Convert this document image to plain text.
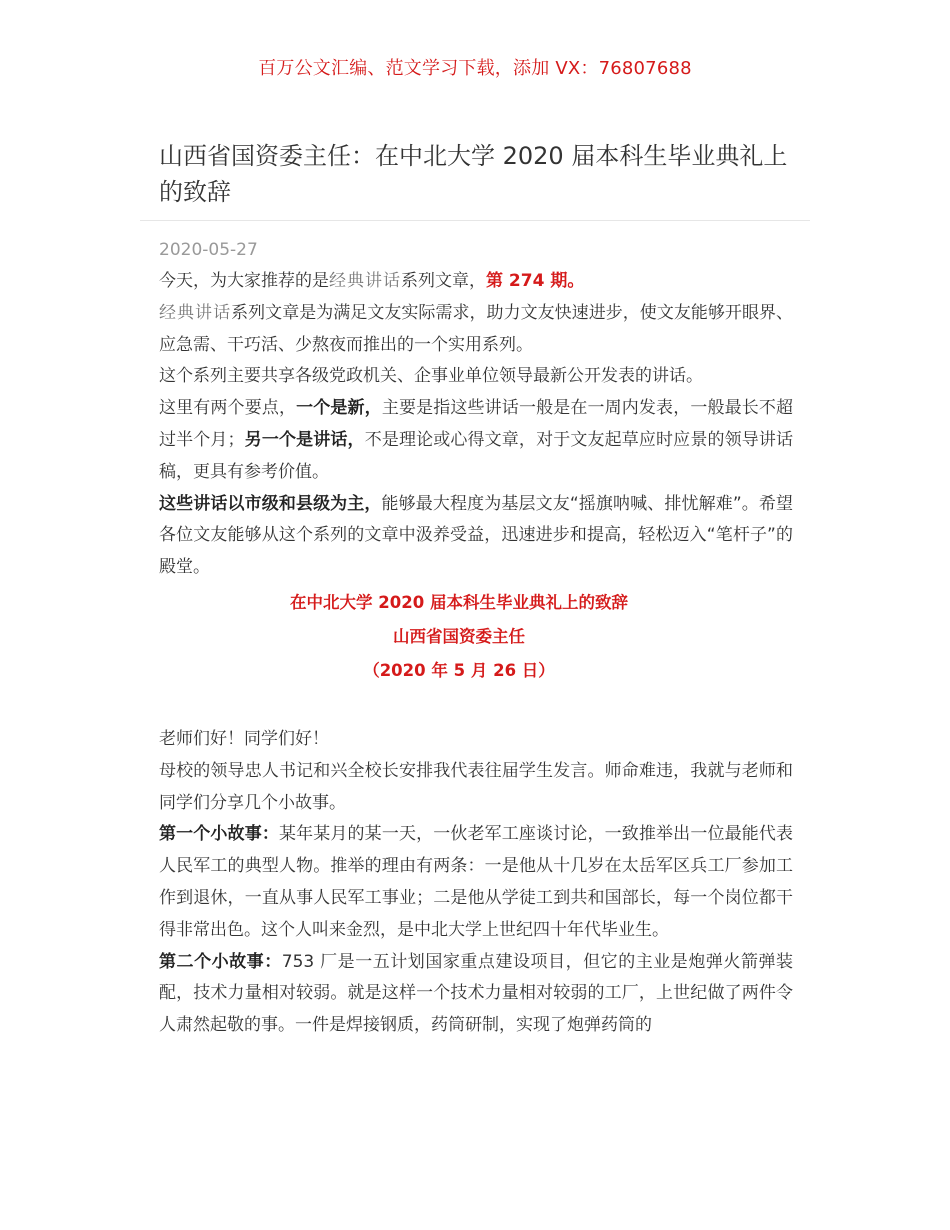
百万公文汇编、范文学习下载，添加 VX：76807688
山西省国资委主任：在中北大学 2020 届本科生毕业典礼上的致辞
2020-05-27

今天，为大家推荐的是经典讲话系列文章，第 274 期。

经典讲话系列文章是为满足文友实际需求，助力文友快速进步，使文友能够开眼界、应急需、干巧活、少熬夜而推出的一个实用系列。

这个系列主要共享各级党政机关、企事业单位领导最新公开发表的讲话。

这里有两个要点，一个是新，主要是指这些讲话一般是在一周内发表，一般最长不超过半个月；另一个是讲话，不是理论或心得文章，对于文友起草应时应景的领导讲话稿，更具有参考价值。

这些讲话以市级和县级为主，能够最大程度为基层文友“摇旗呐喊、排忧解难”。希望各位文友能够从这个系列的文章中汲养受益，迅速进步和提高，轻松迈入“笔杆子”的殿堂。

在中北大学 2020 届本科生毕业典礼上的致辞

山西省国资委主任

（2020 年 5 月 26 日）

老师们好！同学们好！

母校的领导忠人书记和兴全校长安排我代表往届学生发言。师命难违，我就与老师和同学们分享几个小故事。

第一个小故事：某年某月的某一天，一伙老军工座谈讨论，一致推举出一位最能代表人民军工的典型人物。推举的理由有两条：一是他从十几岁在太岳军区兵工厂参加工作到退休，一直从事人民军工事业；二是他从学徒工到共和国部长，每一个岗位都干得非常出色。这个人叫来金烈，是中北大学上世纪四十年代毕业生。

第二个小故事：753 厂是一五计划国家重点建设项目，但它的主业是炮弹火箭弹装配，技术力量相对较弱。就是这样一个技术力量相对较弱的工厂，上世纪做了两件令人肃然起敬的事。一件是焊接钢质，药筒研制，实现了炮弹药筒的
